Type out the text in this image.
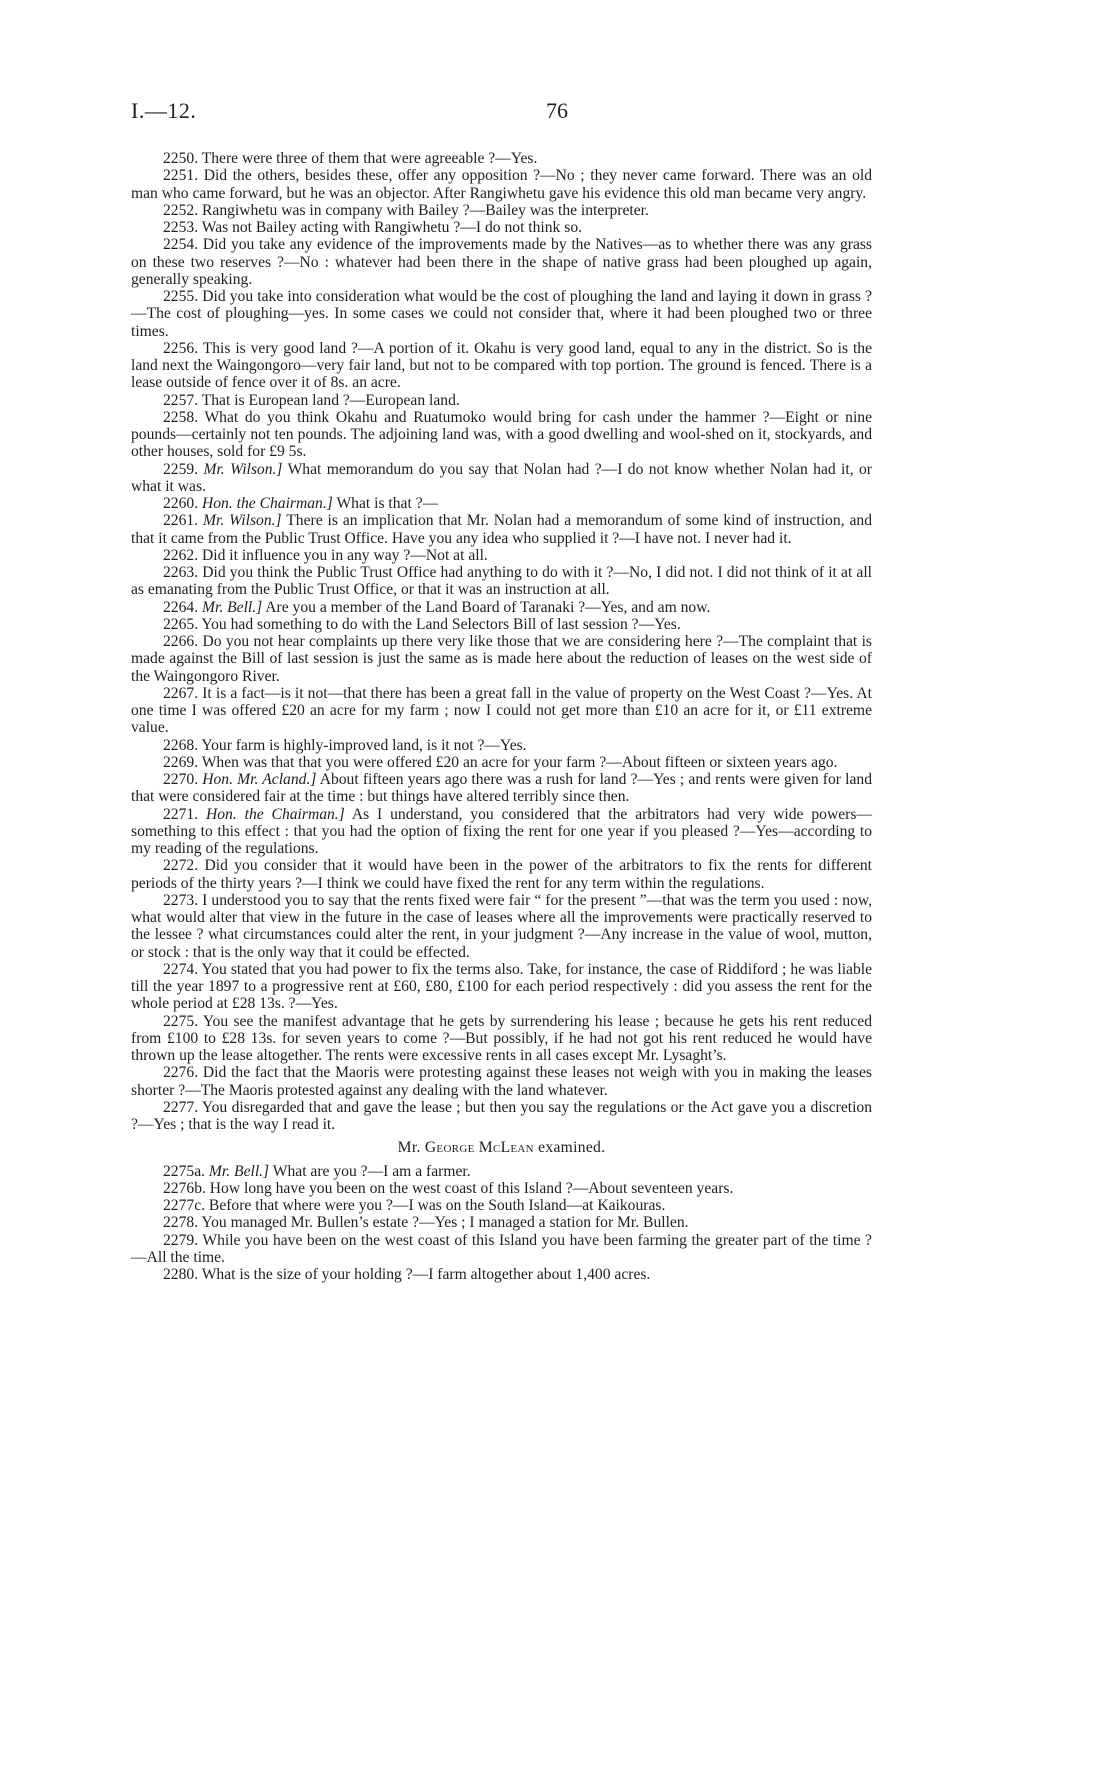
I.—12.	76

2250. There were three of them that were agreeable ?—Yes.

2251. Did the others, besides these, offer any opposition ?—No ; they never came forward. There was an old man who came forward, but he was an objector. After Rangiwhetu gave his evidence this old man became very angry.

2252. Rangiwhetu was in company with Bailey ?—Bailey was the interpreter.

2253. Was not Bailey acting with Rangiwhetu ?—I do not think so.

2254. Did you take any evidence of the improvements made by the Natives—as to whether there was any grass on these two reserves ?—No : whatever had been there in the shape of native grass had been ploughed up again, generally speaking.

2255. Did you take into consideration what would be the cost of ploughing the land and laying it down in grass ?—The cost of ploughing—yes. In some cases we could not consider that, where it had been ploughed two or three times.

2256. This is very good land ?—A portion of it. Okahu is very good land, equal to any in the district. So is the land next the Waingongoro—very fair land, but not to be compared with top portion. The ground is fenced. There is a lease outside of fence over it of 8s. an acre.

2257. That is European land ?—European land.

2258. What do you think Okahu and Ruatumoko would bring for cash under the hammer ?—Eight or nine pounds—certainly not ten pounds. The adjoining land was, with a good dwelling and wool-shed on it, stockyards, and other houses, sold for £9 5s.

2259. Mr. Wilson.] What memorandum do you say that Nolan had ?—I do not know whether Nolan had it, or what it was.

2260. Hon. the Chairman.] What is that ?—

2261. Mr. Wilson.] There is an implication that Mr. Nolan had a memorandum of some kind of instruction, and that it came from the Public Trust Office. Have you any idea who supplied it ?—I have not. I never had it.

2262. Did it influence you in any way ?—Not at all.

2263. Did you think the Public Trust Office had anything to do with it ?—No, I did not. I did not think of it at all as emanating from the Public Trust Office, or that it was an instruction at all.

2264. Mr. Bell.] Are you a member of the Land Board of Taranaki ?—Yes, and am now.

2265. You had something to do with the Land Selectors Bill of last session ?—Yes.

2266. Do you not hear complaints up there very like those that we are considering here ?—The complaint that is made against the Bill of last session is just the same as is made here about the reduction of leases on the west side of the Waingongoro River.

2267. It is a fact—is it not—that there has been a great fall in the value of property on the West Coast ?—Yes. At one time I was offered £20 an acre for my farm ; now I could not get more than £10 an acre for it, or £11 extreme value.

2268. Your farm is highly-improved land, is it not ?—Yes.

2269. When was that that you were offered £20 an acre for your farm ?—About fifteen or sixteen years ago.

2270. Hon. Mr. Acland.] About fifteen years ago there was a rush for land ?—Yes ; and rents were given for land that were considered fair at the time : but things have altered terribly since then.

2271. Hon. the Chairman.] As I understand, you considered that the arbitrators had very wide powers—something to this effect : that you had the option of fixing the rent for one year if you pleased ?—Yes—according to my reading of the regulations.

2272. Did you consider that it would have been in the power of the arbitrators to fix the rents for different periods of the thirty years ?—I think we could have fixed the rent for any term within the regulations.

2273. I understood you to say that the rents fixed were fair “ for the present ”—that was the term you used : now, what would alter that view in the future in the case of leases where all the improvements were practically reserved to the lessee ? what circumstances could alter the rent, in your judgment ?—Any increase in the value of wool, mutton, or stock : that is the only way that it could be effected.

2274. You stated that you had power to fix the terms also. Take, for instance, the case of Riddiford ; he was liable till the year 1897 to a progressive rent at £60, £80, £100 for each period respectively : did you assess the rent for the whole period at £28 13s. ?—Yes.

2275. You see the manifest advantage that he gets by surrendering his lease ; because he gets his rent reduced from £100 to £28 13s. for seven years to come ?—But possibly, if he had not got his rent reduced he would have thrown up the lease altogether. The rents were excessive rents in all cases except Mr. Lysaght’s.

2276. Did the fact that the Maoris were protesting against these leases not weigh with you in making the leases shorter ?—The Maoris protested against any dealing with the land whatever.

2277. You disregarded that and gave the lease ; but then you say the regulations or the Act gave you a discretion ?—Yes ; that is the way I read it.

Mr. George McLean examined.

2275a. Mr. Bell.] What are you ?—I am a farmer.

2276b. How long have you been on the west coast of this Island ?—About seventeen years.

2277c. Before that where were you ?—I was on the South Island—at Kaikouras.

2278. You managed Mr. Bullen’s estate ?—Yes ; I managed a station for Mr. Bullen.

2279. While you have been on the west coast of this Island you have been farming the greater part of the time ?—All the time.

2280. What is the size of your holding ?—I farm altogether about 1,400 acres.
